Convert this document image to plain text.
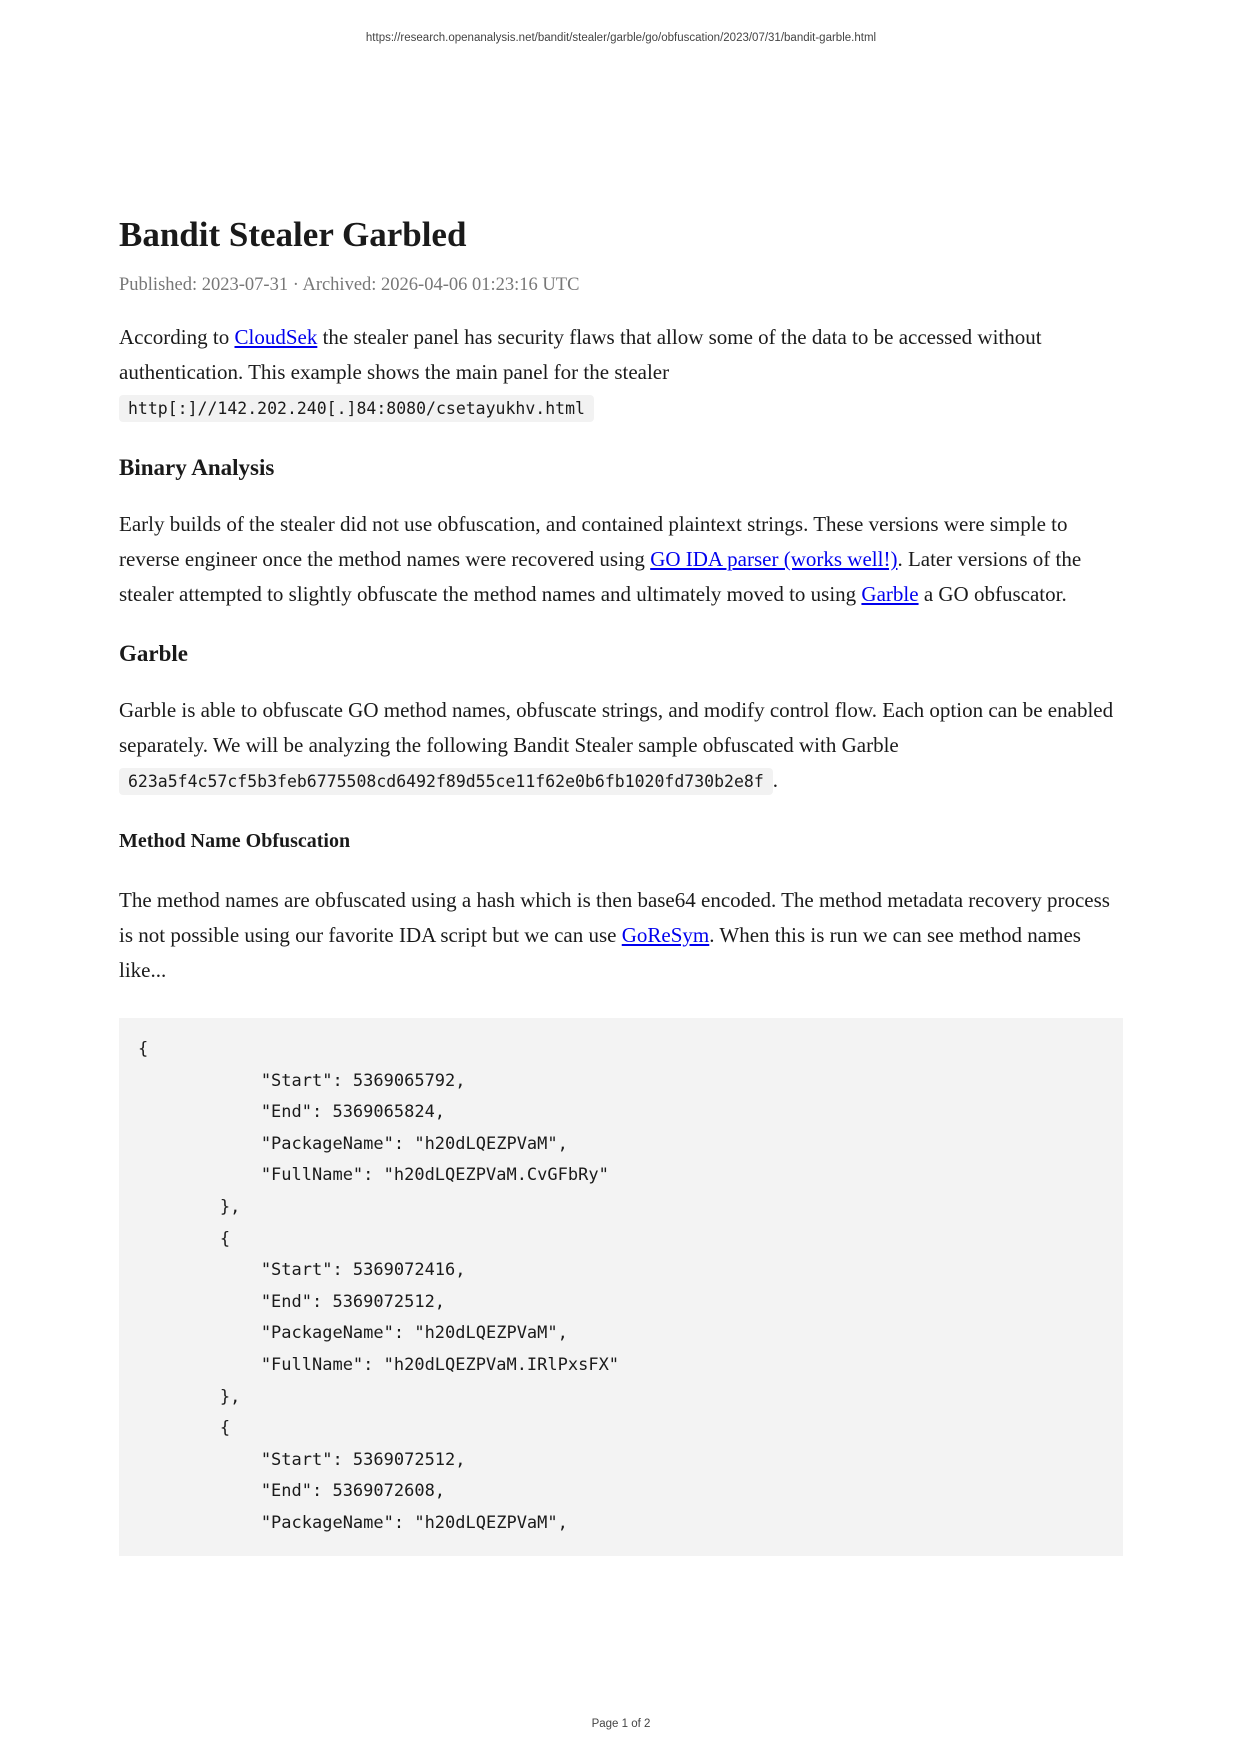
https://research.openanalysis.net/bandit/stealer/garble/go/obfuscation/2023/07/31/bandit-garble.html
Bandit Stealer Garbled
Published: 2023-07-31 · Archived: 2026-04-06 01:23:16 UTC

According to CloudSek the stealer panel has security flaws that allow some of the data to be accessed without authentication. This example shows the main panel for the stealer http[:]//142.202.240[.]84:8080/csetayukhv.html

Binary Analysis

Early builds of the stealer did not use obfuscation, and contained plaintext strings. These versions were simple to reverse engineer once the method names were recovered using GO IDA parser (works well!). Later versions of the stealer attempted to slightly obfuscate the method names and ultimately moved to using Garble a GO obfuscator.

Garble

Garble is able to obfuscate GO method names, obfuscate strings, and modify control flow. Each option can be enabled separately. We will be analyzing the following Bandit Stealer sample obfuscated with Garble 623a5f4c57cf5b3feb6775508cd6492f89d55ce11f62e0b6fb1020fd730b2e8f .

Method Name Obfuscation

The method names are obfuscated using a hash which is then base64 encoded. The method metadata recovery process is not possible using our favorite IDA script but we can use GoReSym. When this is run we can see method names like...

{
"Start": 5369065792,
"End": 5369065824,
"PackageName": "h20dLQEZPVaM",
"FullName": "h20dLQEZPVaM.CvGFbRy"
},
{
"Start": 5369072416,
"End": 5369072512,
"PackageName": "h20dLQEZPVaM",
"FullName": "h20dLQEZPVaM.IRlPxsFX"
},
{
"Start": 5369072512,
"End": 5369072608,
"PackageName": "h20dLQEZPVaM",
Page 1 of 2
